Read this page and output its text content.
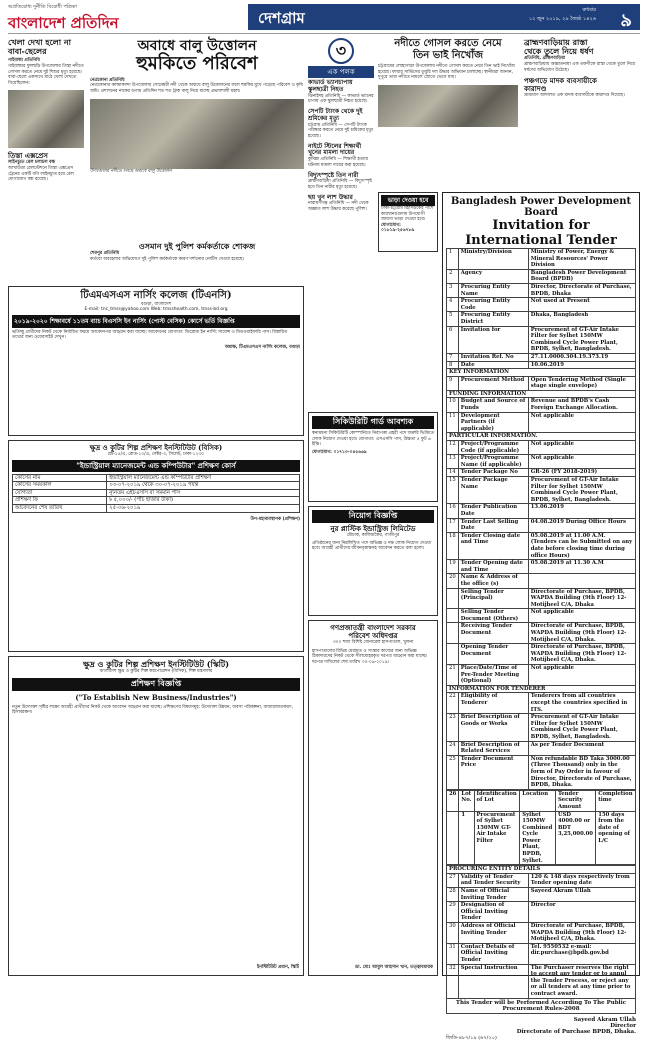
অপ্রতিরোধ্য দুর্নীতি বিরোধী পত্রিকা
বাংলাদেশ প্রতিদিন	দেশগ্রাম	রুধবার
১২ জুন ২০১৯, ২৯ জ্যৈষ্ঠ ১৪২৬ ৯
খেলা দেখা হলো না
বাবা-ছেলের
গাইবান্ধা প্রতিনিধি
গাইবান্ধার ফুলছড়ি উপজেলার তিস্তা নদীতে গোসল করতে নেমে দুই শিশুর মৃত্যু হয়েছে। বাবা-ছেলে একসাথে মাঠে খেলা দেখতে গিয়েছিলেন।
তিস্তা এক্সপ্রেস
লাইনচ্যুত রেল চলাচল বন্ধ
আখাউড়া রেলস্টেশনে তিস্তা এক্সপ্রেস ট্রেনের একটি বগি লাইনচ্যুত হয়ে রেল যোগাযোগ বন্ধ রয়েছে।
অবাধে বালু উত্তোলন
হুমকিতে পরিবেশ
নেত্রকোনা প্রতিনিধি
নেত্রকোনার কলমাকান্দা উপজেলায় সোমেশ্বরী নদী থেকে অবাধে বালু উত্তোলনের ফলে হুমকির মুখে পড়েছে পরিবেশ ও কৃষি জমি। প্রশাসনের নাকের ডগায় প্রতিদিন শত শত ট্রাক বালু নিয়ে যাচ্ছে প্রভাবশালী মহল।
উপজেলার নদীতে চলছে অবাধে বালু উত্তোলন
৩
এক পলক
কাভার্ড ভ্যানচাপায় স্কুলছাত্রী নিহত
ঝিনাইদহ প্রতিনিধি — কাভার্ড ভ্যানের চাপায় এক স্কুলছাত্রী নিহত হয়েছে।
সেপটি ট্যাংক থেকে দুই শ্রমিকের মৃত্যু
চট্টগ্রাম প্রতিনিধি — সেপটি ট্যাংক পরিষ্কার করতে নেমে দুই শ্রমিকের মৃত্যু হয়েছে।
নাইটে স্টিলের শিক্ষার্থী খুনের মামলা দায়ের
কুমিল্লা প্রতিনিধি — শিক্ষার্থী হত্যার ঘটনায় মামলা দায়ের করা হয়েছে।
বিদ্যুৎস্পৃষ্টে তিন নারী
ব্রাহ্মণবাড়িয়া প্রতিনিধি — বিদ্যুৎস্পৃষ্ট হয়ে তিন নারীর মৃত্যু হয়েছে।
ছয় খুন লাশ উদ্ধার
নারায়ণগঞ্জ প্রতিনিধি — নদী থেকে অজ্ঞাত লাশ উদ্ধার করেছে পুলিশ।
নদীতে গোসল করতে নেমে
তিন ভাই নিখোঁজ
চট্টগ্রামের লোহাগাড়া উপজেলায় নদীতে গোসল করতে নেমে তিন ভাই নিখোঁজ হয়েছে। ফায়ার সার্ভিসের ডুবুরি দল উদ্ধার অভিযান চালাচ্ছে। স্থানীয়রা জানান, দুপুরে তারা নদীতে নামলে স্রোতে ভেসে যায়।
ব্রাহ্মণবাড়িয়ায় রাস্তা
থেকে তুলে নিয়ে ধর্ষণ
প্রতিনিধি, ব্রাহ্মণবাড়িয়া
ব্রাহ্মণবাড়িয়ায় অজ্ঞাতনামা এক তরুণীকে রাস্তা থেকে তুলে নিয়ে ধর্ষণের অভিযোগ উঠেছে।
পঞ্চগড়ে মাদক ব্যবসায়ীকে
কারাদণ্ড
ভ্রাম্যমাণ আদালত এক মাদক ব্যবসায়ীকে কারাদণ্ড দিয়েছে।
ওসমান দুই পুলিশ কর্মকর্তাকে শোকজ
শেরপুর প্রতিনিধি
কর্তব্যে অবহেলার অভিযোগে দুই পুলিশ কর্মকর্তাকে কারণ দর্শানোর নোটিস দেওয়া হয়েছে।
টিএমএসএস নার্সিং কলেজ (টিএনসি)
বগুড়া, বাংলাদেশ
E-mail: tnc_tmss@yahoo.com Web: tmsshealth.com, tmss-bd.org
২০১৯-২০২০ শিক্ষাবর্ষে ১১তম ব্যাচ বিএসসি ইন নার্সিং (পোস্ট বেসিক) কোর্সে ভর্তি বিজ্ঞপ্তি
ভর্তিচ্ছু প্রার্থীদের নিকট থেকে নির্ধারিত ফরমে আবেদনপত্র আহ্বান করা যাচ্ছে। আবেদনের যোগ্যতা: ডিপ্লোমা ইন নার্সিং সায়েন্স ও মিডওয়াইফারি পাস। বিস্তারিত তথ্যের জন্য ওয়েবসাইট দেখুন।
অধ্যক্ষ, টিএমএসএস নার্সিং কলেজ, বগুড়া
ক্ষুদ্র ও কুটির শিল্প প্রশিক্ষণ ইনস্টিটিউট (বিসিক)
প্লট-১৫/এ, রোড-১০/এ, সেক্টর-৩, সিলেট, ঢাকা-১২৩০
"ইন্ডাস্ট্রিয়াল ম্যানেজমেন্ট এন্ড কম্পিউটার" প্রশিক্ষণ কোর্স
কোর্সের নাম	ইন্ডাস্ট্রিয়াল ম্যানেজমেন্ট এন্ড কম্পিউটার প্রশিক্ষণ
কোর্সের সময়কাল	০৩-০৭-২০১৯ থেকে ৩০-০৭-২০১৯ পর্যন্ত
যোগ্যতা	ন্যূনতম এইচএসসি বা সমমান পাস
প্রশিক্ষণ ফি	৳ ৫,০০০/- (পাঁচ হাজার টাকা)
আবেদনের শেষ তারিখ	২৫-০৬-২০১৯
উপ-মহাব্যবস্থাপক (প্রশিক্ষণ)
ক্ষুদ্র ও কুটির শিল্প প্রশিক্ষণ ইনস্টিটিউট (স্কিটি)
বাংলাদেশ ক্ষুদ্র ও কুটির শিল্প করপোরেশন (বিসিক), শিল্প মন্ত্রণালয়
প্রশিক্ষণ বিজ্ঞপ্তি
("To Establish New Business/Industries")
নতুন উদ্যোক্তা সৃষ্টির লক্ষ্যে আগ্রহী প্রার্থীদের নিকট থেকে আবেদন আহ্বান করা যাচ্ছে। প্রশিক্ষণের বিষয়সমূহ: উদ্যোক্তা উন্নয়ন, ব্যবসা পরিকল্পনা, বাজারজাতকরণ, হিসাবরক্ষণ।
ইনস্টিটিউট প্রধান, স্কিটি
ভাড়া দেওয়া হবে
ঢাকা-চট্টগ্রাম মহাসড়কের পাশে কারখানা/গুদাম উপযোগী জায়গা ভাড়া দেওয়া হবে।
যোগাযোগ: ০১৮১৯-২৫৬৭৮৯
সিকিউরিটি গার্ড আবশ্যক
স্বনামধন্য সিকিউরিটি কোম্পানিতে নিরাপত্তা প্রহরী পদে জরুরি ভিত্তিতে লোক নিয়োগ দেওয়া হবে। যোগ্যতা: এসএসসি পাস, উচ্চতা ৫ ফুট ৬ ইঞ্চি।
যোগাযোগ: ০১৭১৩-০৪৫৬৬৯
নিয়োগ বিজ্ঞপ্তি
নুর প্লাস্টিক ইন্ডাস্ট্রিজ লিমিটেড
মৌচাক, কালিয়াকৈর, গাজীপুর
প্রতিষ্ঠানের জন্য নিম্নলিখিত পদে অভিজ্ঞ ও দক্ষ লোক নিয়োগ দেওয়া হবে। আগ্রহী প্রার্থীদের জীবনবৃত্তান্তসহ আবেদন করতে বলা হলো।
গণপ্রজাতন্ত্রী বাংলাদেশ সরকার
পরিবেশ অধিদপ্তর
৩০০ শয্যা বিশিষ্ট জেনারেল হাসপাতাল, খুলনা
হাসপাতালের বিভিন্ন মেরামত ও সংস্কার কাজের জন্য অভিজ্ঞ ঠিকাদারদের নিকট থেকে সীলমোহরকৃত দরপত্র আহ্বান করা যাচ্ছে। দরপত্র দাখিলের শেষ তারিখ ৩০-০৬-২০১৯।
ডা. মোঃ আবুল আহসান খান, তত্ত্বাবধায়ক
Bangladesh Power Development Board
Invitation for International Tender
1	Ministry/Division	Ministry of Power, Energy & Mineral Resources' Power Division
2	Agency	Bangladesh Power Development Board (BPDB)
3	Procuring Entity Name	Director, Directorate of Purchase, BPDB, Dhaka
4	Procuring Entity Code	Not used at Present
5	Procuring Entity District	Dhaka, Bangladesh
6	Invitation for	Procurement of GT-Air Intake Filter for Sylhet 150MW Combined Cycle Power Plant, BPDB, Sylhet, Bangladesh.
7	Invitation Ref. No	27.11.0000.304.19.373.19
8	Date	10.06.2019
KEY INFORMATION		
9	Procurement Method	Open Tendering Method (Single stage single envelope)
FUNDING INFORMATION		
10	Budget and Source of Funds	Revenue and BPDB's Cash Foreign Exchange Allocation.
11	Development Partners (if applicable)	Not applicable
PARTICULAR INFORMATION.		
12	Project/Programme Code (if applicable)	Not applicable
13	Project/Programme Name (if applicable)	Not applicable
14	Tender Package No	GR-26 (FY 2018-2019)
15	Tender Package Name	Procurement of GT-Air Intake Filter for Sylhet 150MW Combined Cycle Power Plant, BPDB, Sylhet, Bangladesh.
16	Tender Publication Date	13.06.2019
17	Tender Last Selling Date	04.08.2019 During Office Hours
18	Tender Closing date and Time	05.08.2019 at 11.00 A.M. (Tenders can be Submitted on any date before closing time during office Hours)
19	Tender Opening date and Time	05.08.2019 at 11.30 A.M
20	Name & Address of the office (s)	
	Selling Tender (Principal)	Directorate of Purchase, BPDB, WAPDA Building (9th Floor) 12-Motijheel C/A, Dhaka
	Selling Tender Document (Others)	Not applicable
	Receiving Tender Document	Directorate of Purchase, BPDB, WAPDA Building (9th Floor) 12-Motijheel C/A, Dhaka.
	Opening Tender Document	Directorate of Purchase, BPDB, WAPDA Building (9th Floor) 12-Motijheel C/A, Dhaka.
21	Place/Date/Time of Pre-Tender Meeting (Optional)	Not applicable
INFORMATION FOR TENDERER		
22	Eligibility of Tenderer	Tenderers from all countries except the countries specified in ITS.
23	Brief Description of Goods or Works	Procurement of GT-Air Intake Filter for Sylhet 150MW Combined Cycle Power Plant, BPDB, Sylhet, Bangladesh.
24	Brief Description of Related Services	As per Tender Document
25	Tender Document Price	Non refundable BD Taka 3000.00 (Three Thousand) only in the form of Pay Order in favour of Director, Directorate of Purchase, BPDB, Dhaka.
26	Lot No.	Identification of Lot	Location	Tender Security Amount	Completion time
	1	Procurement of Sylhet 150MW GT-Air Intake Filter	Sylhet 150MW Combined Cycle Power Plant, BPDB, Sylhet.	USD 4000.00 or BDT 3,25,000.00	150 days from the date of opening of L/C
PROCURING ENTITY DETAILS		
27	Validity of Tender and Tender Security	120 & 148 days respectively from Tender opening date
28	Name of Official Inviting Tender	Sayeed Akram Ullah
29	Designation of Official Inviting Tender	Director
30	Address of Official Inviting Tender	Directorate of Purchase, BPDB, WAPDA Building (9th Floor) 12-Motijheel C/A, Dhaka.
31	Contact Details of Official Inviting Tender	Tel. 9550532 e-mail: dir.purchase@bpdb.gov.bd
32	Special Instruction	The Purchaser reserves the right to accept any tender or to annul the Tender Process, or reject any or all tenders at any time prior to contract award.
This Tender will be Performed According To The Public Procurement Rules-2008
Sayeed Akram Ullah
Director
Directorate of Purchase BPDB, Dhaka.
জিডি-৪৮৭/১৯ (৬৭/২০)
